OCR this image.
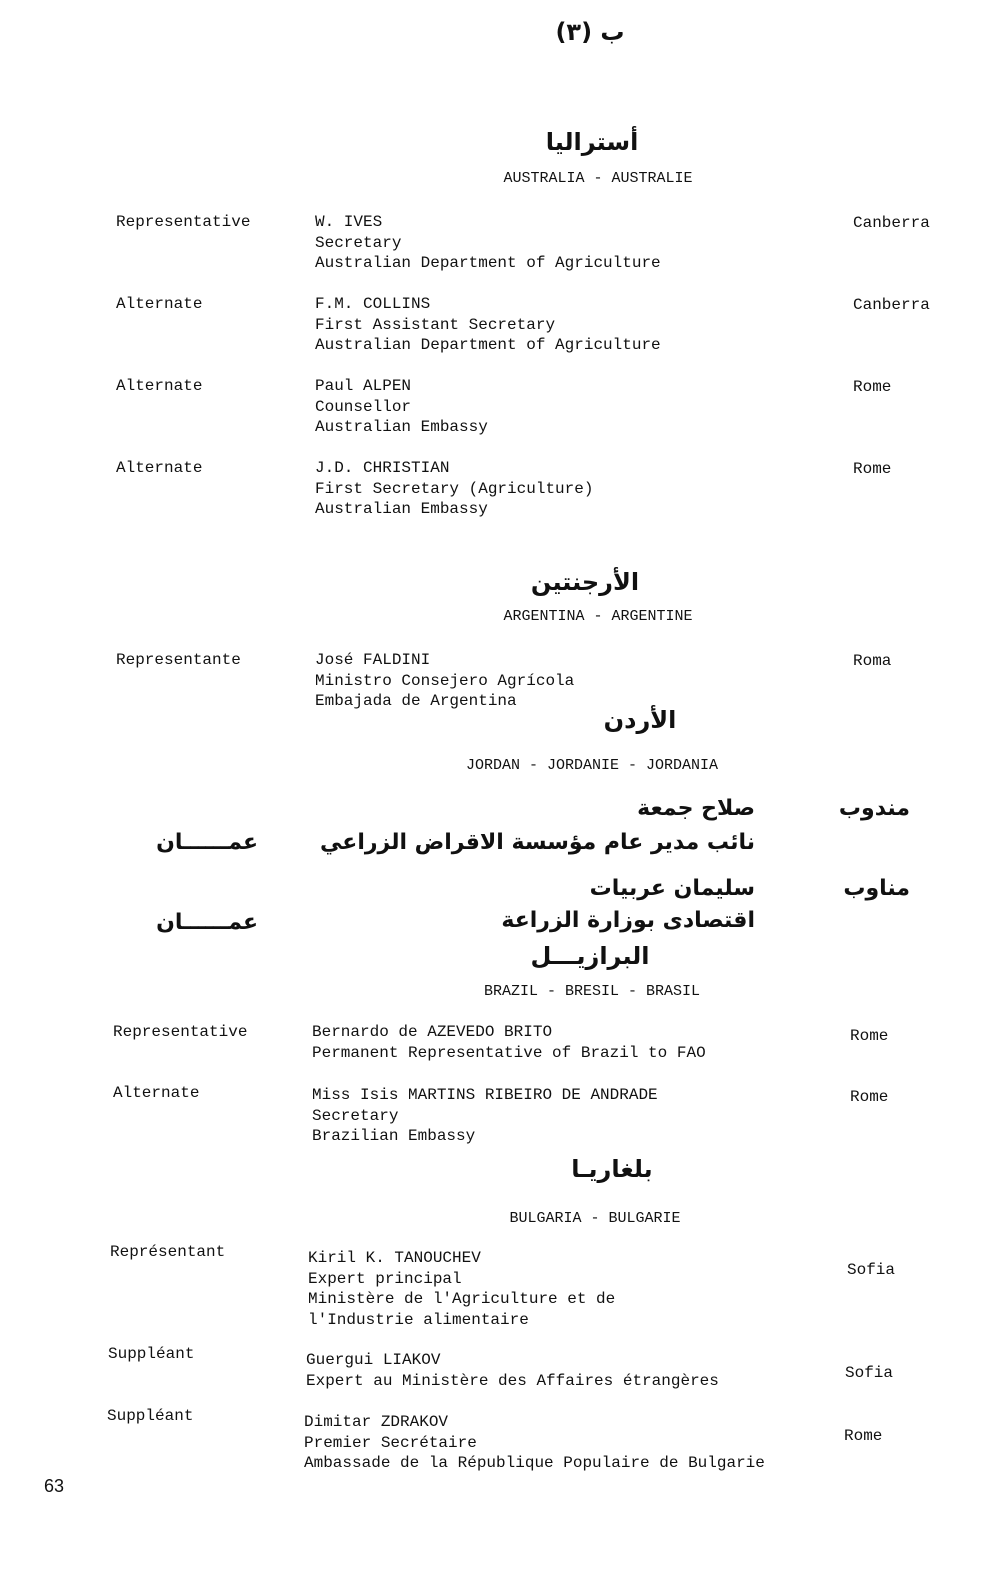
ب (٣)
أستراليا
AUSTRALIA - AUSTRALIE
Representative	W. IVES
Secretary
Australian Department of Agriculture
Canberra
Alternate	F.M. COLLINS
First Assistant Secretary
Australian Department of Agriculture
Canberra
Alternate	Paul ALPEN
Counsellor
Australian Embassy
Rome
Alternate	J.D. CHRISTIAN
First Secretary (Agriculture)
Australian Embassy
Rome
الأرجنتين
ARGENTINA - ARGENTINE
Representante	José FALDINI
Ministro Consejero Agrícola
Embajada de Argentina
Roma
الأردن
JORDAN - JORDANIE - JORDANIA
مندوب
صلاح جمعة
نائب مدير عام مؤسسة الاقراض الزراعي
عمــــــان
مناوب
سليمان عربيات
اقتصادى بوزارة الزراعة
عمــــــان
البرازيـــل
BRAZIL - BRESIL - BRASIL
Representative	Bernardo de AZEVEDO BRITO
Permanent Representative of Brazil to FAO
Rome
Alternate	Miss Isis MARTINS RIBEIRO DE ANDRADE
Secretary
Brazilian Embassy
Rome
بلغاريـا
BULGARIA - BULGARIE
Représentant	Kiril K. TANOUCHEV
Expert principal
Ministère de l'Agriculture et de
l'Industrie alimentaire
Sofia
Suppléant	Guergui LIAKOV
Expert au Ministère des Affaires étrangères	Sofia
Suppléant	Dimitar ZDRAKOV
Premier Secrétaire
Ambassade de la République Populaire de Bulgarie
Rome
63
